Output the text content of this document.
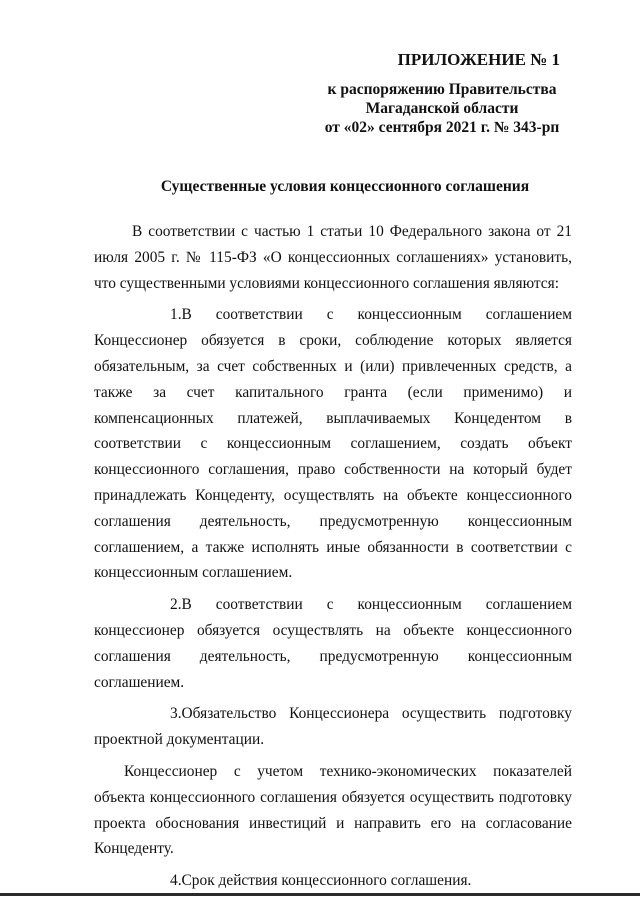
ПРИЛОЖЕНИЕ № 1
к распоряжению Правительства
Магаданской области
от «02» сентября 2021 г. № 343-рп
Существенные условия концессионного соглашения

В соответствии с частью 1 статьи 10 Федерального закона от 21 июля 2005 г. № 115-ФЗ «О концессионных соглашениях» установить, что существенными условиями концессионного соглашения являются:

1.В соответствии с концессионным соглашением Концессионер обязуется в сроки, соблюдение которых является обязательным, за счет собственных и (или) привлеченных средств, а также за счет капитального гранта (если применимо) и компенсационных платежей, выплачиваемых Концедентом в соответствии с концессионным соглашением, создать объект концессионного соглашения, право собственности на который будет принадлежать Концеденту, осуществлять на объекте концессионного соглашения деятельность, предусмотренную концессионным соглашением, а также исполнять иные обязанности в соответствии с концессионным соглашением.

2.В соответствии с концессионным соглашением концессионер обязуется осуществлять на объекте концессионного соглашения деятельность, предусмотренную концессионным соглашением.

3.Обязательство Концессионера осуществить подготовку проектной документации.

Концессионер с учетом технико-экономических показателей объекта концессионного соглашения обязуется осуществить подготовку проекта обоснования инвестиций и направить его на согласование Концеденту.

4.Срок действия концессионного соглашения.
